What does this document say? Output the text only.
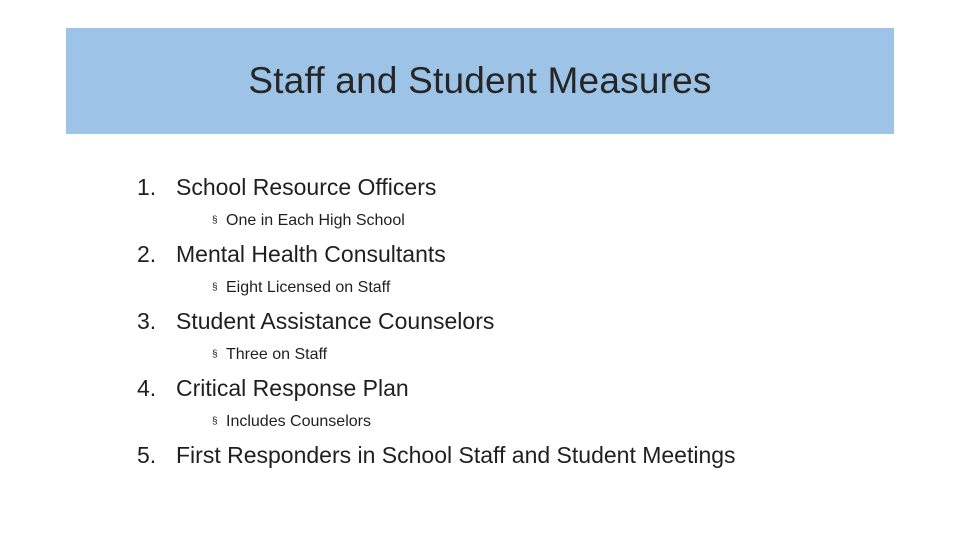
Staff and Student Measures
1. School Resource Officers
§ One in Each High School
2. Mental Health Consultants
§ Eight Licensed on Staff
3. Student Assistance Counselors
§ Three on Staff
4. Critical Response Plan
§ Includes Counselors
5. First Responders in School Staff and Student Meetings
